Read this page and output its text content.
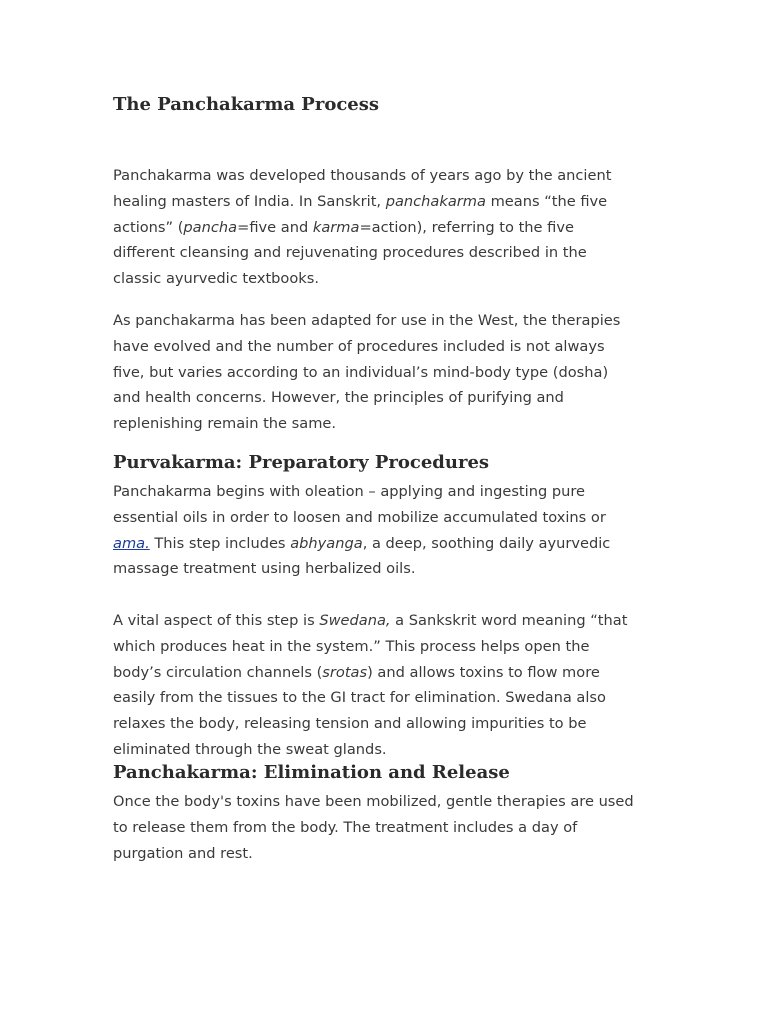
The Panchakarma Process

Panchakarma was developed thousands of years ago by the ancient
healing masters of India. In Sanskrit, panchakarma means “the five
actions” (pancha=five and karma=action), referring to the five
different cleansing and rejuvenating procedures described in the
classic ayurvedic textbooks.

As panchakarma has been adapted for use in the West, the therapies
have evolved and the number of procedures included is not always
five, but varies according to an individual’s mind-body type (dosha)
and health concerns. However, the principles of purifying and
replenishing remain the same.

Purvakarma: Preparatory Procedures

Panchakarma begins with oleation – applying and ingesting pure
essential oils in order to loosen and mobilize accumulated toxins or
ama. This step includes abhyanga, a deep, soothing daily ayurvedic
massage treatment using herbalized oils.

A vital aspect of this step is Swedana, a Sankskrit word meaning “that
which produces heat in the system.” This process helps open the
body’s circulation channels (srotas) and allows toxins to flow more
easily from the tissues to the GI tract for elimination. Swedana also
relaxes the body, releasing tension and allowing impurities to be
eliminated through the sweat glands.

Panchakarma: Elimination and Release

Once the body's toxins have been mobilized, gentle therapies are used
to release them from the body. The treatment includes a day of
purgation and rest.
